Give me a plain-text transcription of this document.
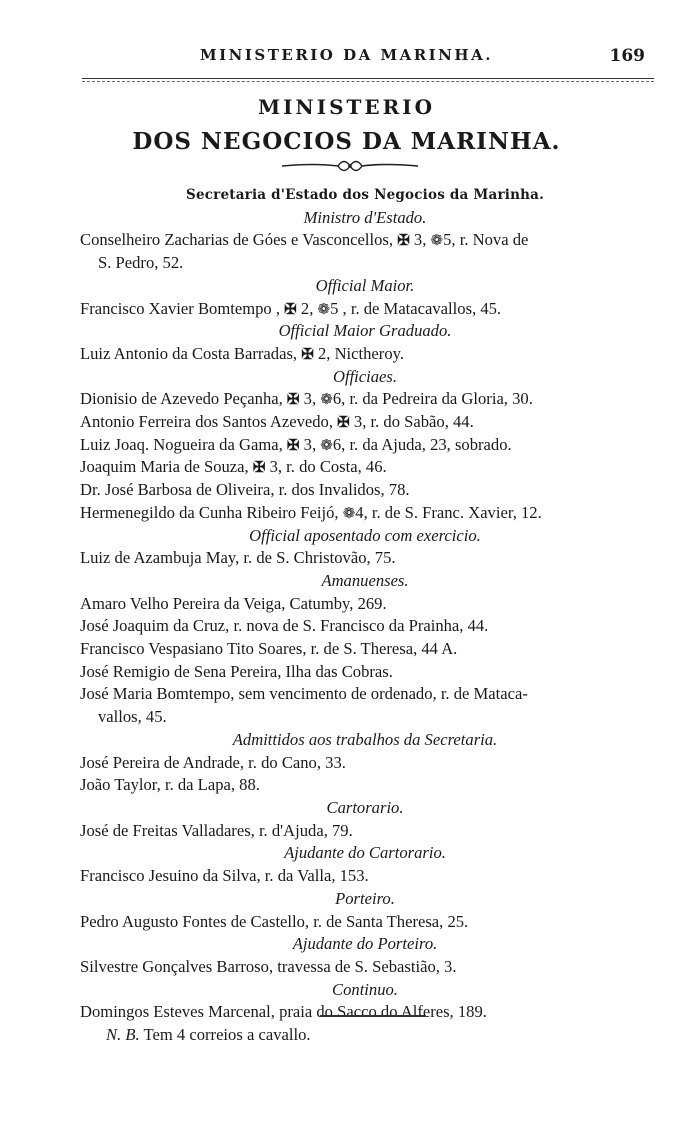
MINISTERIO DA MARINHA.	169
MINISTERIO
DOS NEGOCIOS DA MARINHA.

Secretaria d'Estado dos Negocios da Marinha.

Ministro d'Estado.

Conselheiro Zacharias de Góes e Vasconcellos, ✠ 3, ❁5, r. Nova de

S. Pedro, 52.

Official Maior.

Francisco Xavier Bomtempo , ✠ 2, ❁5 , r. de Matacavallos, 45.

Official Maior Graduado.

Luiz Antonio da Costa Barradas, ✠ 2, Nictheroy.

Officiaes.

Dionisio de Azevedo Peçanha, ✠ 3, ❁6, r. da Pedreira da Gloria, 30.

Antonio Ferreira dos Santos Azevedo, ✠ 3, r. do Sabão, 44.

Luiz Joaq. Nogueira da Gama, ✠ 3, ❁6, r. da Ajuda, 23, sobrado.

Joaquim Maria de Souza, ✠ 3, r. do Costa, 46.

Dr. José Barbosa de Oliveira, r. dos Invalidos, 78.

Hermenegildo da Cunha Ribeiro Feijó, ❁4, r. de S. Franc. Xavier, 12.

Official aposentado com exercicio.

Luiz de Azambuja May, r. de S. Christovão, 75.

Amanuenses.

Amaro Velho Pereira da Veiga, Catumby, 269.

José Joaquim da Cruz, r. nova de S. Francisco da Prainha, 44.

Francisco Vespasiano Tito Soares, r. de S. Theresa, 44 A.

José Remigio de Sena Pereira, Ilha das Cobras.

José Maria Bomtempo, sem vencimento de ordenado, r. de Mataca-

vallos, 45.

Admittidos aos trabalhos da Secretaria.

José Pereira de Andrade, r. do Cano, 33.

João Taylor, r. da Lapa, 88.

Cartorario.

José de Freitas Valladares, r. d'Ajuda, 79.

Ajudante do Cartorario.

Francisco Jesuino da Silva, r. da Valla, 153.

Porteiro.

Pedro Augusto Fontes de Castello, r. de Santa Theresa, 25.

Ajudante do Porteiro.

Silvestre Gonçalves Barroso, travessa de S. Sebastião, 3.

Continuo.

Domingos Esteves Marcenal, praia do Sacco do Alferes, 189.

N. B. Tem 4 correios a cavallo.
